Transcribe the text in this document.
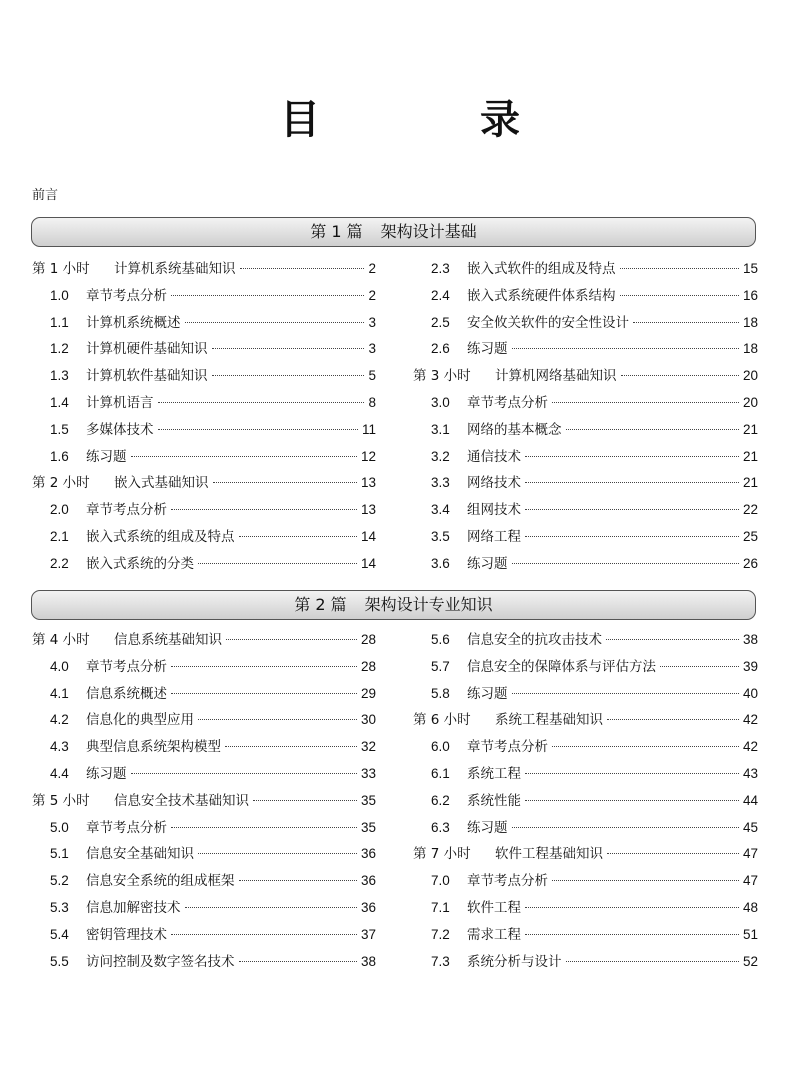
目　录
前言
第 1 篇 架构设计基础
第 1 小时	计算机系统基础知识	2
1.0	章节考点分析	2
1.1	计算机系统概述	3
1.2	计算机硬件基础知识	3
1.3	计算机软件基础知识	5
1.4	计算机语言	8
1.5	多媒体技术	11
1.6	练习题	12
第 2 小时	嵌入式基础知识	13
2.0	章节考点分析	13
2.1	嵌入式系统的组成及特点	14
2.2	嵌入式系统的分类	14
2.3	嵌入式软件的组成及特点	15
2.4	嵌入式系统硬件体系结构	16
2.5	安全攸关软件的安全性设计	18
2.6	练习题	18
第 3 小时	计算机网络基础知识	20
3.0	章节考点分析	20
3.1	网络的基本概念	21
3.2	通信技术	21
3.3	网络技术	21
3.4	组网技术	22
3.5	网络工程	25
3.6	练习题	26
第 2 篇 架构设计专业知识
第 4 小时	信息系统基础知识	28
4.0	章节考点分析	28
4.1	信息系统概述	29
4.2	信息化的典型应用	30
4.3	典型信息系统架构模型	32
4.4	练习题	33
第 5 小时	信息安全技术基础知识	35
5.0	章节考点分析	35
5.1	信息安全基础知识	36
5.2	信息安全系统的组成框架	36
5.3	信息加解密技术	36
5.4	密钥管理技术	37
5.5	访问控制及数字签名技术	38
5.6	信息安全的抗攻击技术	38
5.7	信息安全的保障体系与评估方法	39
5.8	练习题	40
第 6 小时	系统工程基础知识	42
6.0	章节考点分析	42
6.1	系统工程	43
6.2	系统性能	44
6.3	练习题	45
第 7 小时	软件工程基础知识	47
7.0	章节考点分析	47
7.1	软件工程	48
7.2	需求工程	51
7.3	系统分析与设计	52
